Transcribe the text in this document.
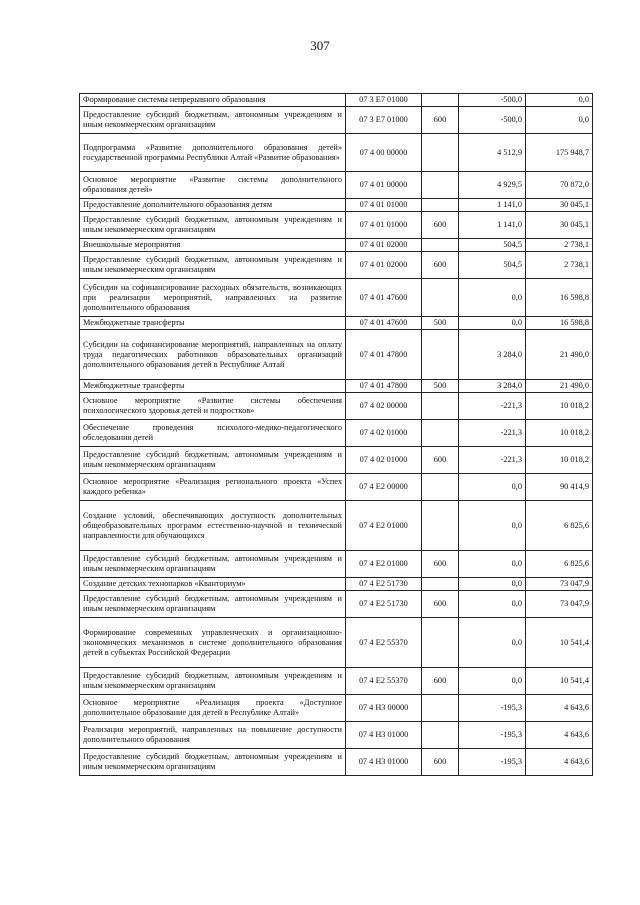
307
Формирование системы непрерывного образования	07 3 E7 01000		-500,0	0,0
Предоставление субсидий бюджетным, автономным учреждениям и иным некоммерческим организациям	07 3 E7 01000	600	-500,0	0,0
Подпрограмма «Развитие дополнительного образования детей» государственной программы Республики Алтай «Развитие образования»	07 4 00 00000		4 512,9	175 948,7
Основное мероприятие «Развитие системы дополнительного образования детей»	07 4 01 00000		4 929,5	70 872,0
Предоставление дополнительного образования детям	07 4 01 01000		1 141,0	30 045,1
Предоставление субсидий бюджетным, автономным учреждениям и иным некоммерческим организациям	07 4 01 01000	600	1 141,0	30 045,1
Внешкольные мероприятия	07 4 01 02000		504,5	2 738,1
Предоставление субсидий бюджетным, автономным учреждениям и иным некоммерческим организациям	07 4 01 02000	600	504,5	2 738,1
Субсидии на софинансирование расходных обязательств, возникающих при реализации мероприятий, направленных на развитие дополнительного образования	07 4 01 47600		0,0	16 598,8
Межбюджетные трансферты	07 4 01 47600	500	0,0	16 598,8
Субсидии на софинансирование мероприятий, направленных на оплату труда педагогических работников образовательных организаций дополнительного образования детей в Республике Алтай	07 4 01 47800		3 284,0	21 490,0
Межбюджетные трансферты	07 4 01 47800	500	3 284,0	21 490,0
Основное мероприятие «Развитие системы обеспечения психологического здоровья детей и подростков»	07 4 02 00000		-221,3	10 018,2
Обеспечение проведения психолого-медико-педагогического обследования детей	07 4 02 01000		-221,3	10 018,2
Предоставление субсидий бюджетным, автономным учреждениям и иным некоммерческим организациям	07 4 02 01000	600	-221,3	10 018,2
Основное мероприятие «Реализация регионального проекта «Успех каждого ребенка»	07 4 E2 00000		0,0	90 414,9
Создание условий, обеспечивающих доступность дополнительных общеобразовательных программ естественно-научной и технической направленности для обучающихся	07 4 E2 01000		0,0	6 825,6
Предоставление субсидий бюджетным, автономным учреждениям и иным некоммерческим организациям	07 4 E2 01000	600	0,0	6 825,6
Создание детских технопарков «Кванториум»	07 4 E2 51730		0,0	73 047,9
Предоставление субсидий бюджетным, автономным учреждениям и иным некоммерческим организациям	07 4 E2 51730	600	0,0	73 047,9
Формирование современных управленческих и организационно-экономических механизмов в системе дополнительного образования детей в субъектах Российской Федерации	07 4 E2 55370		0,0	10 541,4
Предоставление субсидий бюджетным, автономным учреждениям и иным некоммерческим организациям	07 4 E2 55370	600	0,0	10 541,4
Основное мероприятие «Реализация проекта «Доступное дополнительное образование для детей в Республике Алтай»	07 4 Н3 00000		-195,3	4 643,6
Реализация мероприятий, направленных на повышение доступности дополнительного образования	07 4 Н3 01000		-195,3	4 643,6
Предоставление субсидий бюджетным, автономным учреждениям и иным некоммерческим организациям	07 4 Н3 01000	600	-195,3	4 643,6
